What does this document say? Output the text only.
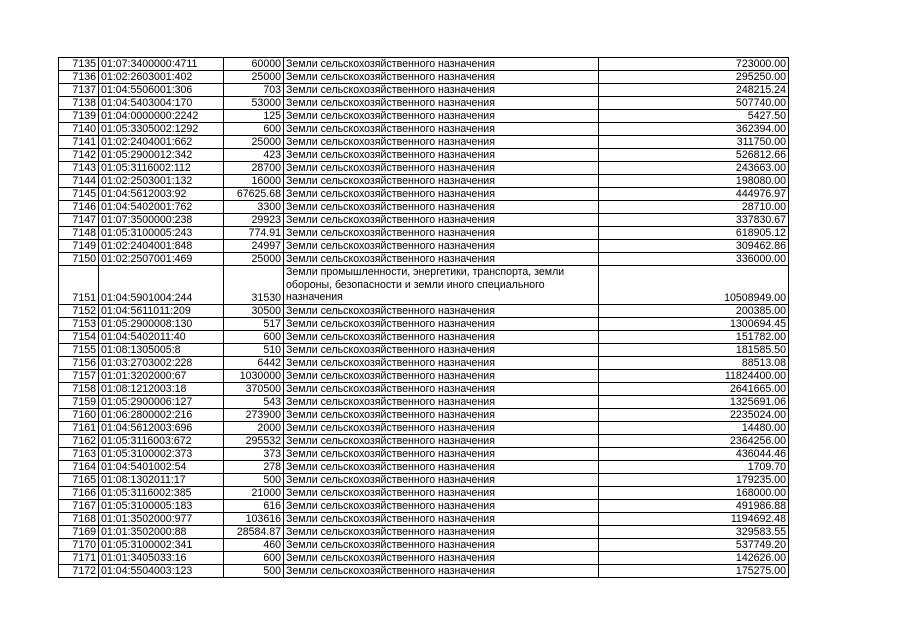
7135	01:07:3400000:4711	60000	Земли сельскохозяйственного назначения	723000.00
7136	01:02:2603001:402	25000	Земли сельскохозяйственного назначения	295250.00
7137	01:04:5506001:306	703	Земли сельскохозяйственного назначения	248215.24
7138	01:04:5403004:170	53000	Земли сельскохозяйственного назначения	507740.00
7139	01:04:0000000:2242	125	Земли сельскохозяйственного назначения	5427.50
7140	01:05:3305002:1292	600	Земли сельскохозяйственного назначения	362394.00
7141	01:02:2404001:662	25000	Земли сельскохозяйственного назначения	311750.00
7142	01:05:2900012:342	423	Земли сельскохозяйственного назначения	526812.66
7143	01:05:3116002:112	28700	Земли сельскохозяйственного назначения	243663.00
7144	01:02:2503001:132	16000	Земли сельскохозяйственного назначения	198080.00
7145	01:04:5612003:92	67625.68	Земли сельскохозяйственного назначения	444976.97
7146	01:04:5402001:762	3300	Земли сельскохозяйственного назначения	28710.00
7147	01:07:3500000:238	29923	Земли сельскохозяйственного назначения	337830.67
7148	01:05:3100005:243	774.91	Земли сельскохозяйственного назначения	618905.12
7149	01:02:2404001:848	24997	Земли сельскохозяйственного назначения	309462.86
7150	01:02:2507001:469	25000	Земли сельскохозяйственного назначения	336000.00
7151	01:04:5901004:244	31530	Земли промышленности, энергетики, транспорта, земли обороны, безопасности и земли иного специального назначения	10508949.00
7152	01:04:5611011:209	30500	Земли сельскохозяйственного назначения	200385.00
7153	01:05:2900008:130	517	Земли сельскохозяйственного назначения	1300694.45
7154	01:04:5402011:40	600	Земли сельскохозяйственного назначения	151782.00
7155	01:08:1305005:8	510	Земли сельскохозяйственного назначения	181585.50
7156	01:03:2703002:228	6442	Земли сельскохозяйственного назначения	88513.08
7157	01:01:3202000:67	1030000	Земли сельскохозяйственного назначения	11824400.00
7158	01:08:1212003:18	370500	Земли сельскохозяйственного назначения	2641665.00
7159	01:05:2900006:127	543	Земли сельскохозяйственного назначения	1325691.06
7160	01:06:2800002:216	273900	Земли сельскохозяйственного назначения	2235024.00
7161	01:04:5612003:696	2000	Земли сельскохозяйственного назначения	14480.00
7162	01:05:3116003:672	295532	Земли сельскохозяйственного назначения	2364256.00
7163	01:05:3100002:373	373	Земли сельскохозяйственного назначения	436044.46
7164	01:04:5401002:54	278	Земли сельскохозяйственного назначения	1709.70
7165	01:08:1302011:17	500	Земли сельскохозяйственного назначения	179235.00
7166	01:05:3116002:385	21000	Земли сельскохозяйственного назначения	168000.00
7167	01:05:3100005:183	616	Земли сельскохозяйственного назначения	491986.88
7168	01:01:3502000:977	103616	Земли сельскохозяйственного назначения	1194692.48
7169	01:01:3502000:88	28584.87	Земли сельскохозяйственного назначения	329583.55
7170	01:05:3100002:341	460	Земли сельскохозяйственного назначения	537749.20
7171	01:01:3405033:16	600	Земли сельскохозяйственного назначения	142626.00
7172	01:04:5504003:123	500	Земли сельскохозяйственного назначения	175275.00
